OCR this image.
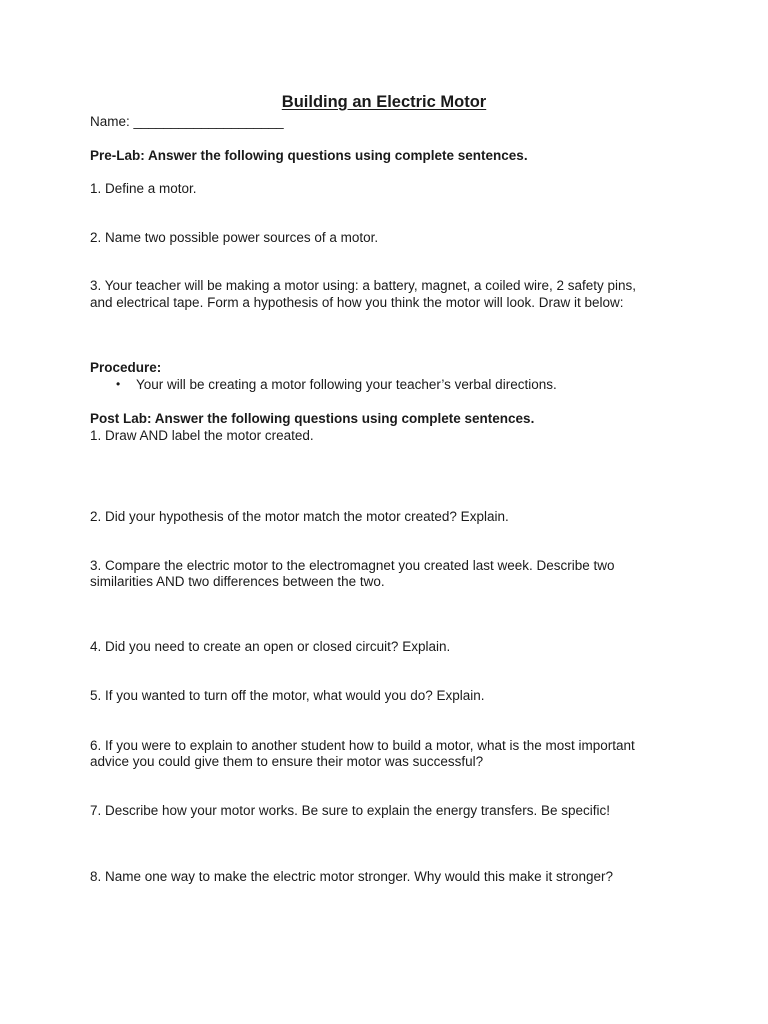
Building an Electric Motor
Name: ____________________
Pre-Lab: Answer the following questions using complete sentences.
1. Define a motor.
2. Name two possible power sources of a motor.
3. Your teacher will be making a motor using: a battery, magnet, a coiled wire, 2 safety pins,
and electrical tape. Form a hypothesis of how you think the motor will look. Draw it below:
Procedure:
• Your will be creating a motor following your teacher’s verbal directions.
Post Lab: Answer the following questions using complete sentences.
1. Draw AND label the motor created.
2. Did your hypothesis of the motor match the motor created? Explain.
3. Compare the electric motor to the electromagnet you created last week. Describe two
similarities AND two differences between the two.
4. Did you need to create an open or closed circuit? Explain.
5. If you wanted to turn off the motor, what would you do? Explain.
6. If you were to explain to another student how to build a motor, what is the most important
advice you could give them to ensure their motor was successful?
7. Describe how your motor works. Be sure to explain the energy transfers. Be specific!
8. Name one way to make the electric motor stronger. Why would this make it stronger?
